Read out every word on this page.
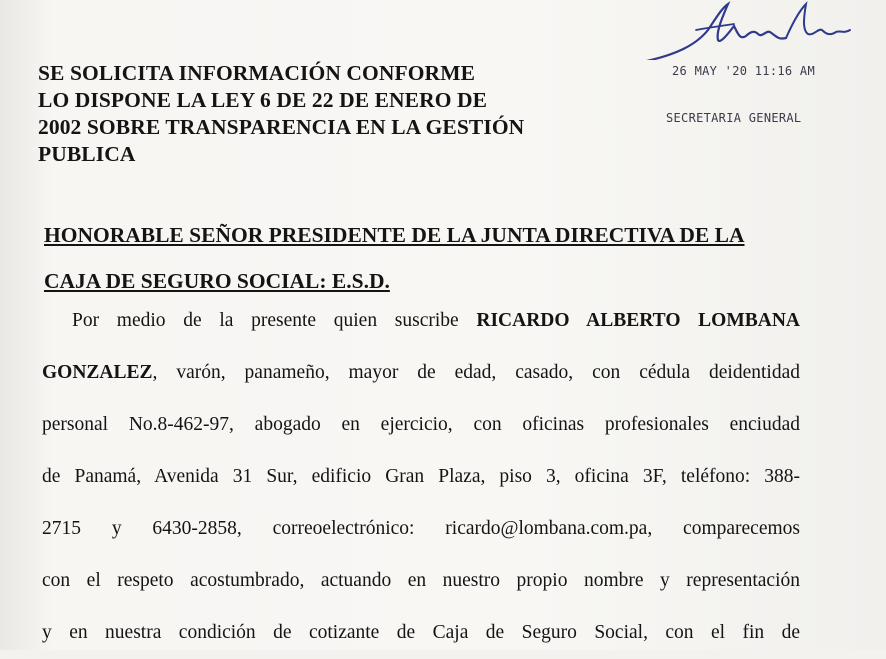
26 MAY '20 11:16 AM
SECRETARIA GENERAL
SE SOLICITA INFORMACIÓN CONFORME
LO DISPONE LA LEY 6 DE 22 DE ENERO DE
2002 SOBRE TRANSPARENCIA EN LA GESTIÓN
PUBLICA
HONORABLE SEÑOR PRESIDENTE DE LA JUNTA DIRECTIVA DE LA
CAJA DE SEGURO SOCIAL: E.S.D.
Por medio de la presente quien suscribe RICARDO ALBERTO LOMBANA
GONZALEZ, varón, panameño, mayor de edad, casado, con cédula deidentidad
personal No.8-462-97, abogado en ejercicio, con oficinas profesionales enciudad
de Panamá, Avenida 31 Sur, edificio Gran Plaza, piso 3, oficina 3F, teléfono: 388-
2715 y 6430-2858, correoelectrónico: ricardo@lombana.com.pa, comparecemos
con el respeto acostumbrado, actuando en nuestro propio nombre y representación
y en nuestra condición de cotizante de Caja de Seguro Social, con el fin de
